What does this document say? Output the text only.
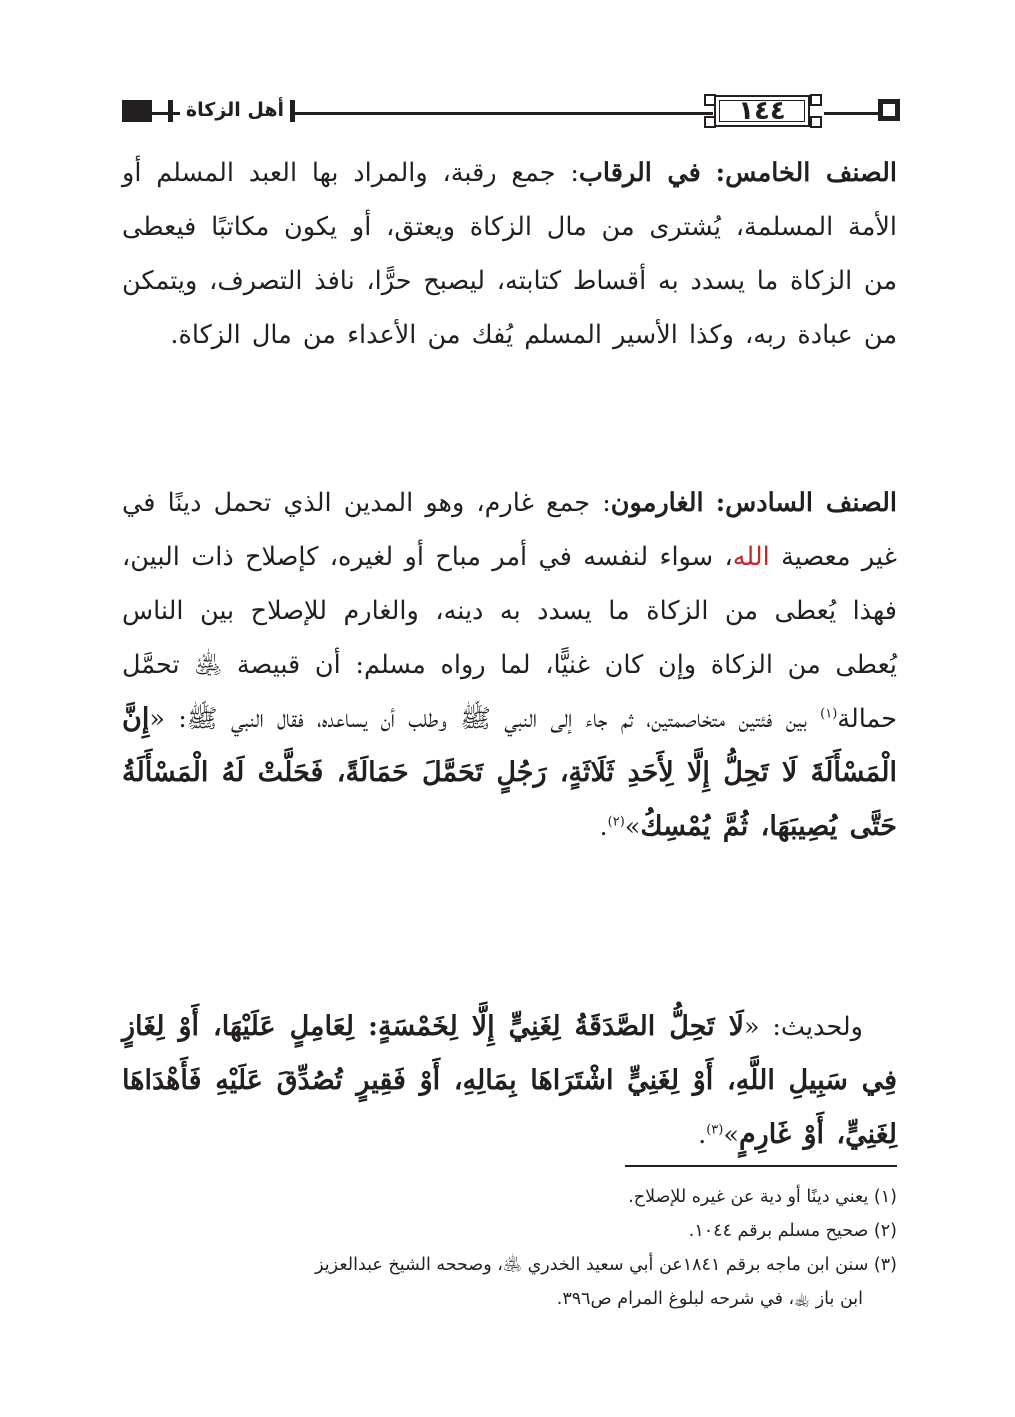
أهل الزكاة	١٤٤

الصنف الخامس: في الرقاب: جمع رقبة، والمراد بها العبد المسلم أو الأمة المسلمة، يُشترى من مال الزكاة ويعتق، أو يكون مكاتبًا فيعطى من الزكاة ما يسدد به أقساط كتابته، ليصبح حرًّا، نافذ التصرف، ويتمكن من عبادة ربه، وكذا الأسير المسلم يُفك من الأعداء من مال الزكاة.

الصنف السادس: الغارمون: جمع غارم، وهو المدين الذي تحمل دينًا في غير معصية الله، سواء لنفسه في أمر مباح أو لغيره، كإصلاح ذات البين، فهذا يُعطى من الزكاة ما يسدد به دينه، والغارم للإصلاح بين الناس يُعطى من الزكاة وإن كان غنيًّا، لما رواه مسلم: أن قبيصة ﵁ تحمَّل حمالة$^{(١)}$ بين فئتين متخاصمتين، ثم جاء إلى النبي ﷺ وطلب أن يساعده، فقال النبي ﷺ: «إِنَّ الْمَسْأَلَةَ لَا تَحِلُّ إِلَّا لِأَحَدِ ثَلَاثَةٍ، رَجُلٍ تَحَمَّلَ حَمَالَةً، فَحَلَّتْ لَهُ الْمَسْأَلَةُ حَتَّى يُصِيبَهَا، ثُمَّ يُمْسِكُ»$^{(٢)}$.

ولحديث: «لَا تَحِلُّ الصَّدَقَةُ لِغَنِيٍّ إِلَّا لِخَمْسَةٍ: لِعَامِلٍ عَلَيْهَا، أَوْ لِغَازٍ فِي سَبِيلِ اللَّهِ، أَوْ لِغَنِيٍّ اشْتَرَاهَا بِمَالِهِ، أَوْ فَقِيرٍ تُصُدِّقَ عَلَيْهِ فَأَهْدَاهَا لِغَنِيٍّ، أَوْ غَارِمٍ»$^{(٣)}$.

(١) يعني دينًا أو دية عن غيره للإصلاح.

(٢) صحيح مسلم برقم ١٠٤٤.

(٣) سنن ابن ماجه برقم ١٨٤١عن أبي سعيد الخدري ﵁، وصححه الشيخ عبدالعزيز

ابن باز ﵀، في شرحه لبلوغ المرام ص٣٩٦.
